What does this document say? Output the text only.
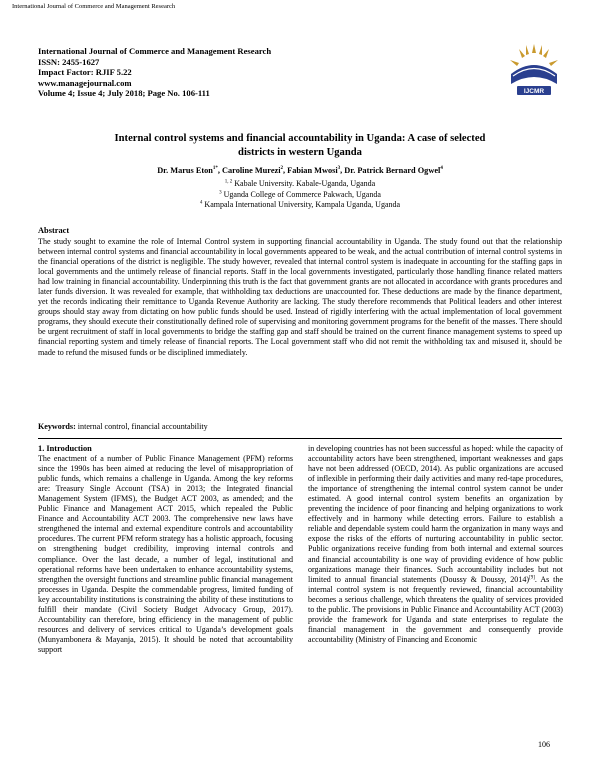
International Journal of Commerce and Management Research
International Journal of Commerce and Management Research
ISSN: 2455-1627
Impact Factor: RJIF 5.22
www.managejournal.com
Volume 4; Issue 4; July 2018; Page No. 106-111	IJCMR
Internal control systems and financial accountability in Uganda: A case of selected districts in western Uganda
Dr. Marus Eton$^{1*}$, Caroline Murezi$^2$, Fabian Mwosi$^3$, Dr. Patrick Bernard Ogwel$^4$
$^{1, 2}$ Kabale University. Kabale-Uganda, Uganda
$^3$ Uganda College of Commerce Pakwach, Uganda
$^4$ Kampala International University, Kampala Uganda, Uganda
Abstract
The study sought to examine the role of Internal Control system in supporting financial accountability in Uganda. The study found out that the relationship between internal control systems and financial accountability in local governments appeared to be weak, and the actual contribution of internal control systems in the financial operations of the district is negligible. The study however, revealed that internal control system is inadequate in accounting for the staffing gaps in local governments and the untimely release of financial reports. Staff in the local governments investigated, particularly those handling finance related matters had low training in financial accountability. Underpinning this truth is the fact that government grants are not allocated in accordance with grants procedures and later funds diversion. It was revealed for example, that withholding tax deductions are unaccounted for. These deductions are made by the finance department, yet the records indicating their remittance to Uganda Revenue Authority are lacking. The study therefore recommends that Political leaders and other interest groups should stay away from dictating on how public funds should be used. Instead of rigidly interfering with the actual implementation of local government programs, they should execute their constitutionally defined role of supervising and monitoring government programs for the benefit of the masses. There should be urgent recruitment of staff in local governments to bridge the staffing gap and staff should be trained on the current finance management systems to speed up financial reporting system and timely release of financial reports. The Local government staff who did not remit the withholding tax and misused it, should be made to refund the misused funds or be disciplined immediately.
Keywords: internal control, financial accountability
1. Introduction
The enactment of a number of Public Finance Management (PFM) reforms since the 1990s has been aimed at reducing the level of misappropriation of public funds, which remains a challenge in Uganda. Among the key reforms are: Treasury Single Account (TSA) in 2013; the Integrated financial Management System (IFMS), the Budget ACT 2003, as amended; and the Public Finance and Management ACT 2015, which repealed the Public Finance and Accountability ACT 2003. The comprehensive new laws have strengthened the internal and external expenditure controls and accountability procedures. The current PFM reform strategy has a holistic approach, focusing on strengthening budget credibility, improving internal controls and compliance. Over the last decade, a number of legal, institutional and operational reforms have been undertaken to enhance accountability systems, strengthen the oversight functions and streamline public financial management processes in Uganda. Despite the commendable progress, limited funding of key accountability institutions is constraining the ability of these institutions to fulfill their mandate (Civil Society Budget Advocacy Group, 2017). Accountability can therefore, bring efficiency in the management of public resources and delivery of services critical to Uganda’s development goals (Munyambonera & Mayanja, 2015). It should be noted that accountability support
in developing countries has not been successful as hoped: while the capacity of accountability actors have been strengthened, important weaknesses and gaps have not been addressed (OECD, 2014). As public organizations are accused of inflexible in performing their daily activities and many red-tape procedures, the importance of strengthening the internal control system cannot be under estimated. A good internal control system benefits an organization by preventing the incidence of poor financing and helping organizations to work effectively and in harmony while detecting errors. Failure to establish a reliable and dependable system could harm the organization in many ways and expose the risks of the efforts of nurturing accountability in public sector. Public organizations receive funding from both internal and external sources and financial accountability is one way of providing evidence of how public organizations manage their finances. Such accountability includes but not limited to annual financial statements (Doussy & Doussy, 2014)[9]. As the internal control system is not frequently reviewed, financial accountability becomes a serious challenge, which threatens the quality of services provided to the public. The provisions in Public Finance and Accountability ACT (2003) provide the framework for Uganda and state enterprises to regulate the financial management in the government and consequently provide accountability (Ministry of Financing and Economic
106
